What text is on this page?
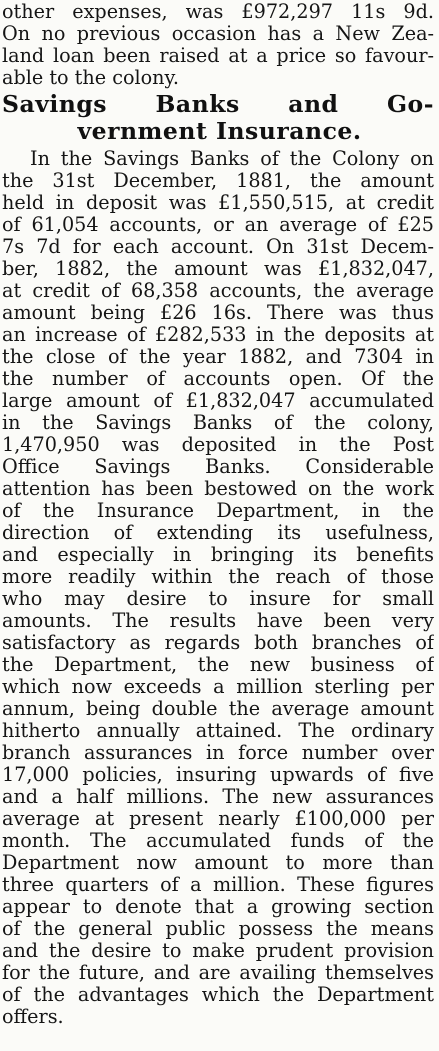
other expenses, was £972,297 11s 9d.
On no previous occasion has a New Zea-
land loan been raised at a price so favour-
able to the colony.
Savings Banks and Go-
vernment Insurance.
In the Savings Banks of the Colony on
the 31st December, 1881, the amount
held in deposit was £1,550,515, at credit
of 61,054 accounts, or an average of £25
7s 7d for each account. On 31st Decem-
ber, 1882, the amount was £1,832,047,
at credit of 68,358 accounts, the average
amount being £26 16s. There was thus
an increase of £282,533 in the deposits at
the close of the year 1882, and 7304 in
the number of accounts open. Of the
large amount of £1,832,047 accumulated
in the Savings Banks of the colony,
1,470,950 was deposited in the Post
Office Savings Banks. Considerable
attention has been bestowed on the work
of the Insurance Department, in the
direction of extending its usefulness,
and especially in bringing its benefits
more readily within the reach of those
who may desire to insure for small
amounts. The results have been very
satisfactory as regards both branches of
the Department, the new business of
which now exceeds a million sterling per
annum, being double the average amount
hitherto annually attained. The ordinary
branch assurances in force number over
17,000 policies, insuring upwards of five
and a half millions. The new assurances
average at present nearly £100,000 per
month. The accumulated funds of the
Department now amount to more than
three quarters of a million. These figures
appear to denote that a growing section
of the general public possess the means
and the desire to make prudent provision
for the future, and are availing themselves
of the advantages which the Department
offers.
